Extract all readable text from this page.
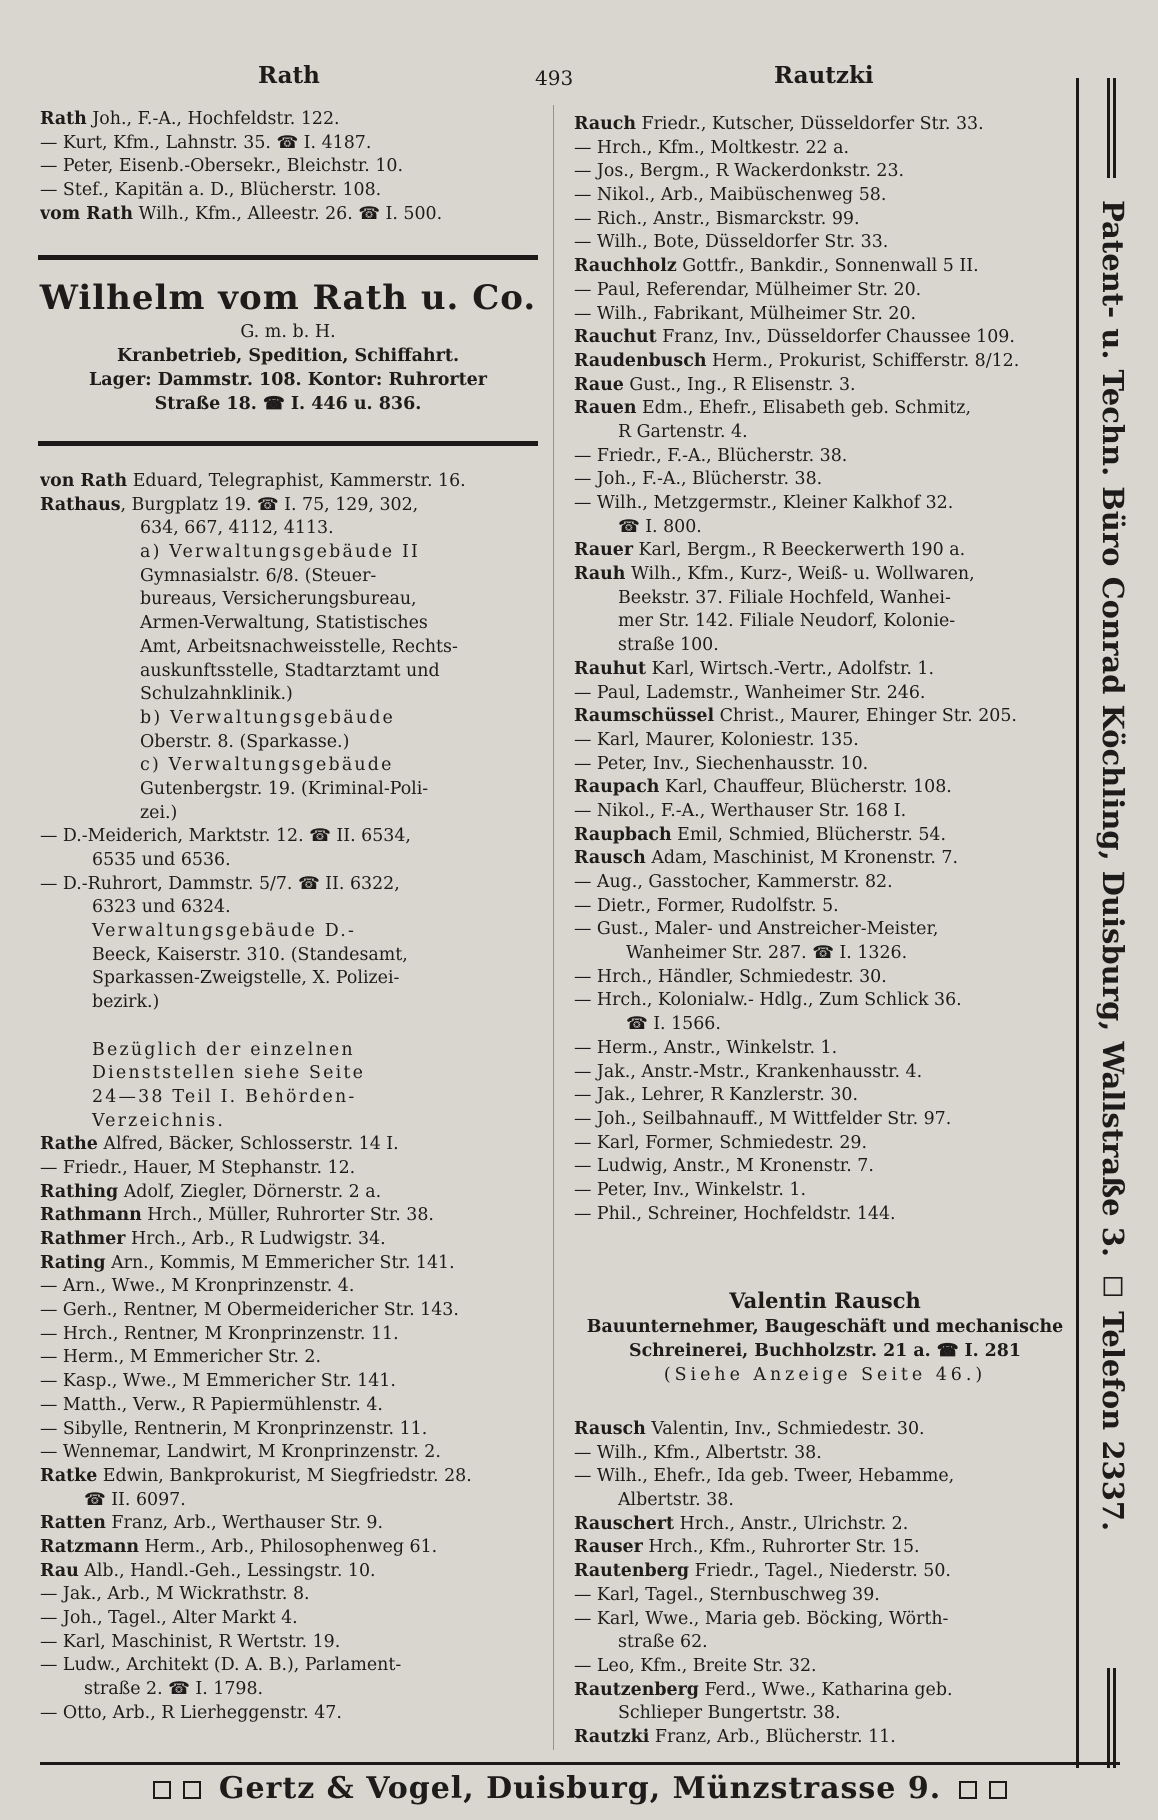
Rath	493	Rautzki
Rath Joh., F.-A., Hochfeldstr. 122.
— Kurt, Kfm., Lahnstr. 35. ☎ I. 4187.
— Peter, Eisenb.-Obersekr., Bleichstr. 10.
— Stef., Kapitän a. D., Blücherstr. 108.
vom Rath Wilh., Kfm., Alleestr. 26. ☎ I. 500.
Wilhelm vom Rath u. Co.
G. m. b. H.
Kranbetrieb, Spedition, Schiffahrt.
Lager: Dammstr. 108. Kontor: Ruhrorter
Straße 18. ☎ I. 446 u. 836.
von Rath Eduard, Telegraphist, Kammerstr. 16.
Rathaus, Burgplatz 19. ☎ I. 75, 129, 302,
634, 667, 4112, 4113.
a) Verwaltungsgebäude II
Gymnasialstr. 6/8. (Steuer-
bureaus, Versicherungsbureau,
Armen-Verwaltung, Statistisches
Amt, Arbeitsnachweisstelle, Rechts-
auskunftsstelle, Stadtarztamt und
Schulzahnklinik.)
b) Verwaltungsgebäude
Oberstr. 8. (Sparkasse.)
c) Verwaltungsgebäude
Gutenbergstr. 19. (Kriminal-Poli-
zei.)
— D.-Meiderich, Marktstr. 12. ☎ II. 6534,
6535 und 6536.
— D.-Ruhrort, Dammstr. 5/7. ☎ II. 6322,
6323 und 6324.
Verwaltungsgebäude D.-
Beeck, Kaiserstr. 310. (Standesamt,
Sparkassen-Zweigstelle, X. Polizei-
bezirk.)
Bezüglich der einzelnen
Dienststellen siehe Seite
24—38 Teil I. Behörden-
Verzeichnis.
Rathe Alfred, Bäcker, Schlosserstr. 14 I.
— Friedr., Hauer, M Stephanstr. 12.
Rathing Adolf, Ziegler, Dörnerstr. 2 a.
Rathmann Hrch., Müller, Ruhrorter Str. 38.
Rathmer Hrch., Arb., R Ludwigstr. 34.
Rating Arn., Kommis, M Emmericher Str. 141.
— Arn., Wwe., M Kronprinzenstr. 4.
— Gerh., Rentner, M Obermeidericher Str. 143.
— Hrch., Rentner, M Kronprinzenstr. 11.
— Herm., M Emmericher Str. 2.
— Kasp., Wwe., M Emmericher Str. 141.
— Matth., Verw., R Papiermühlenstr. 4.
— Sibylle, Rentnerin, M Kronprinzenstr. 11.
— Wennemar, Landwirt, M Kronprinzenstr. 2.
Ratke Edwin, Bankprokurist, M Siegfriedstr. 28.
☎ II. 6097.
Ratten Franz, Arb., Werthauser Str. 9.
Ratzmann Herm., Arb., Philosophenweg 61.
Rau Alb., Handl.-Geh., Lessingstr. 10.
— Jak., Arb., M Wickrathstr. 8.
— Joh., Tagel., Alter Markt 4.
— Karl, Maschinist, R Wertstr. 19.
— Ludw., Architekt (D. A. B.), Parlament-
straße 2. ☎ I. 1798.
— Otto, Arb., R Lierheggenstr. 47.
Rauch Friedr., Kutscher, Düsseldorfer Str. 33.
— Hrch., Kfm., Moltkestr. 22 a.
— Jos., Bergm., R Wackerdonkstr. 23.
— Nikol., Arb., Maibüschenweg 58.
— Rich., Anstr., Bismarckstr. 99.
— Wilh., Bote, Düsseldorfer Str. 33.
Rauchholz Gottfr., Bankdir., Sonnenwall 5 II.
— Paul, Referendar, Mülheimer Str. 20.
— Wilh., Fabrikant, Mülheimer Str. 20.
Rauchut Franz, Inv., Düsseldorfer Chaussee 109.
Raudenbusch Herm., Prokurist, Schifferstr. 8/12.
Raue Gust., Ing., R Elisenstr. 3.
Rauen Edm., Ehefr., Elisabeth geb. Schmitz,
R Gartenstr. 4.
— Friedr., F.-A., Blücherstr. 38.
— Joh., F.-A., Blücherstr. 38.
— Wilh., Metzgermstr., Kleiner Kalkhof 32.
☎ I. 800.
Rauer Karl, Bergm., R Beeckerwerth 190 a.
Rauh Wilh., Kfm., Kurz-, Weiß- u. Wollwaren,
Beekstr. 37. Filiale Hochfeld, Wanhei-
mer Str. 142. Filiale Neudorf, Kolonie-
straße 100.
Rauhut Karl, Wirtsch.-Vertr., Adolfstr. 1.
— Paul, Lademstr., Wanheimer Str. 246.
Raumschüssel Christ., Maurer, Ehinger Str. 205.
— Karl, Maurer, Koloniestr. 135.
— Peter, Inv., Siechenhausstr. 10.
Raupach Karl, Chauffeur, Blücherstr. 108.
— Nikol., F.-A., Werthauser Str. 168 I.
Raupbach Emil, Schmied, Blücherstr. 54.
Rausch Adam, Maschinist, M Kronenstr. 7.
— Aug., Gasstocher, Kammerstr. 82.
— Dietr., Former, Rudolfstr. 5.
— Gust., Maler- und Anstreicher-Meister,
Wanheimer Str. 287. ☎ I. 1326.
— Hrch., Händler, Schmiedestr. 30.
— Hrch., Kolonialw.- Hdlg., Zum Schlick 36.
☎ I. 1566.
— Herm., Anstr., Winkelstr. 1.
— Jak., Anstr.-Mstr., Krankenhausstr. 4.
— Jak., Lehrer, R Kanzlerstr. 30.
— Joh., Seilbahnauff., M Wittfelder Str. 97.
— Karl, Former, Schmiedestr. 29.
— Ludwig, Anstr., M Kronenstr. 7.
— Peter, Inv., Winkelstr. 1.
— Phil., Schreiner, Hochfeldstr. 144.
Valentin Rausch
Bauunternehmer, Baugeschäft und mechanische
Schreinerei, Buchholzstr. 21 a. ☎ I. 281
(Siehe Anzeige Seite 46.)
Rausch Valentin, Inv., Schmiedestr. 30.
— Wilh., Kfm., Albertstr. 38.
— Wilh., Ehefr., Ida geb. Tweer, Hebamme,
Albertstr. 38.
Rauschert Hrch., Anstr., Ulrichstr. 2.
Rauser Hrch., Kfm., Ruhrorter Str. 15.
Rautenberg Friedr., Tagel., Niederstr. 50.
— Karl, Tagel., Sternbuschweg 39.
— Karl, Wwe., Maria geb. Böcking, Wörth-
straße 62.
— Leo, Kfm., Breite Str. 32.
Rautzenberg Ferd., Wwe., Katharina geb.
Schlieper Bungertstr. 38.
Rautzki Franz, Arb., Blücherstr. 11.
Patent- u. Techn. Büro Conrad Köchling, Duisburg, Wallstraße 3. ◻ Telefon 2337.
Gertz & Vogel, Duisburg, Münzstrasse 9.
